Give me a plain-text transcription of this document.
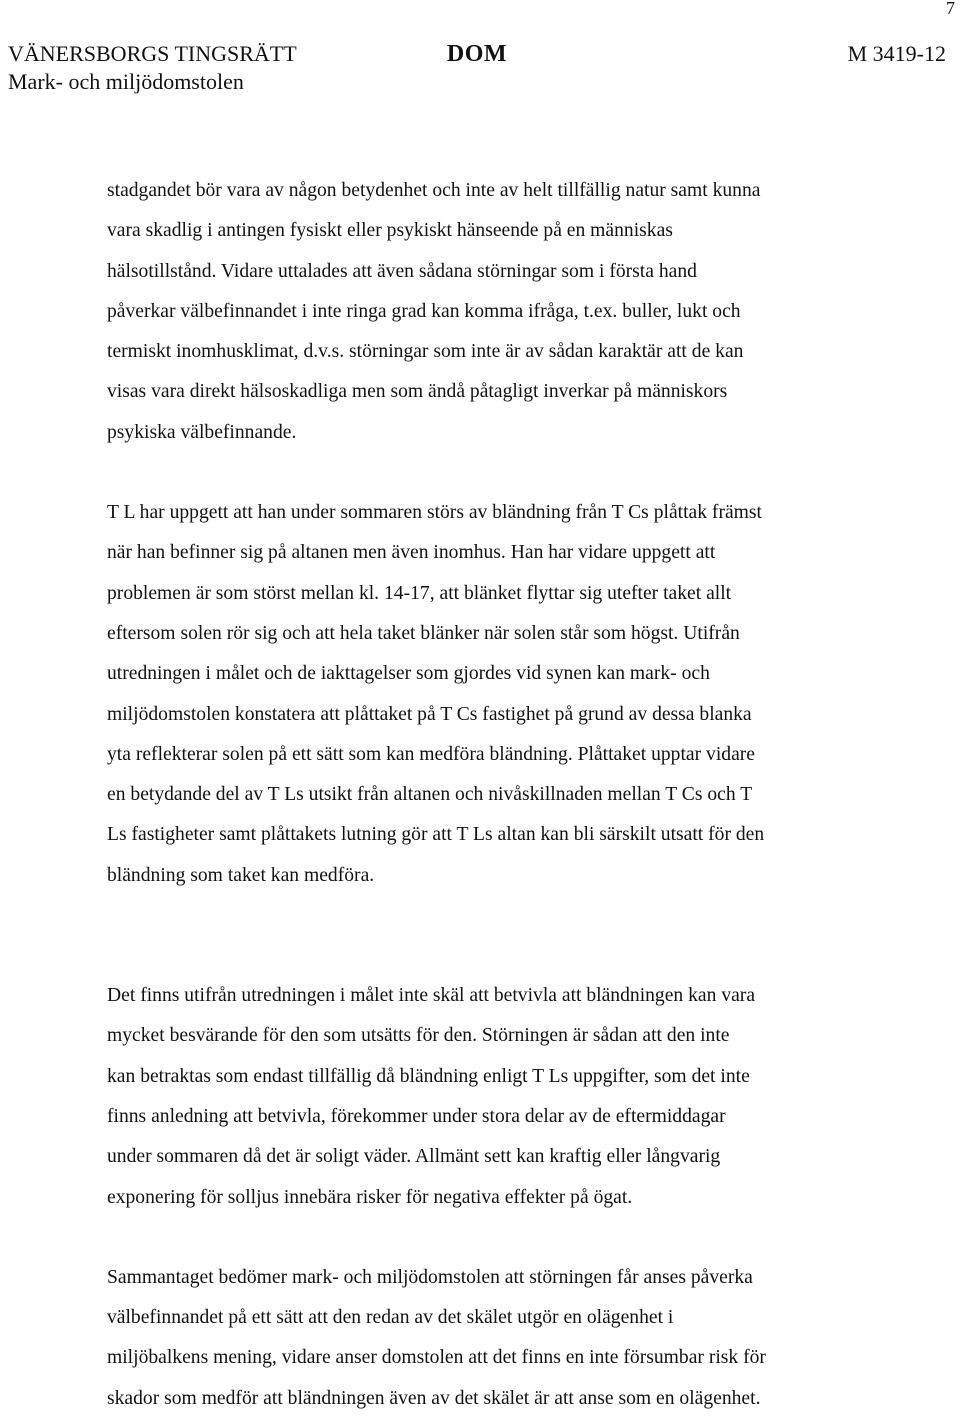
7
VÄNERSBORGS TINGSRÄTT	DOM	M 3419-12
Mark- och miljödomstolen

stadgandet bör vara av någon betydenhet och inte av helt tillfällig natur samt kunna
vara skadlig i antingen fysiskt eller psykiskt hänseende på en människas
hälsotillstånd. Vidare uttalades att även sådana störningar som i första hand
påverkar välbefinnandet i inte ringa grad kan komma ifråga, t.ex. buller, lukt och
termiskt inomhusklimat, d.v.s. störningar som inte är av sådan karaktär att de kan
visas vara direkt hälsoskadliga men som ändå påtagligt inverkar på människors
psykiska välbefinnande.

T L har uppgett att han under sommaren störs av bländning från T Cs plåttak främst
när han befinner sig på altanen men även inomhus. Han har vidare uppgett att
problemen är som störst mellan kl. 14-17, att blänket flyttar sig utefter taket allt
eftersom solen rör sig och att hela taket blänker när solen står som högst. Utifrån
utredningen i målet och de iakttagelser som gjordes vid synen kan mark- och
miljödomstolen konstatera att plåttaket på T Cs fastighet på grund av dessa blanka
yta reflekterar solen på ett sätt som kan medföra bländning. Plåttaket upptar vidare
en betydande del av T Ls utsikt från altanen och nivåskillnaden mellan T Cs och T
Ls fastigheter samt plåttakets lutning gör att T Ls altan kan bli särskilt utsatt för den
bländning som taket kan medföra.

Det finns utifrån utredningen i målet inte skäl att betvivla att bländningen kan vara
mycket besvärande för den som utsätts för den. Störningen är sådan att den inte
kan betraktas som endast tillfällig då bländning enligt T Ls uppgifter, som det inte
finns anledning att betvivla, förekommer under stora delar av de eftermiddagar
under sommaren då det är soligt väder. Allmänt sett kan kraftig eller långvarig
exponering för solljus innebära risker för negativa effekter på ögat.

Sammantaget bedömer mark- och miljödomstolen att störningen får anses påverka
välbefinnandet på ett sätt att den redan av det skälet utgör en olägenhet i
miljöbalkens mening, vidare anser domstolen att det finns en inte försumbar risk för
skador som medför att bländningen även av det skälet är att anse som en olägenhet.
